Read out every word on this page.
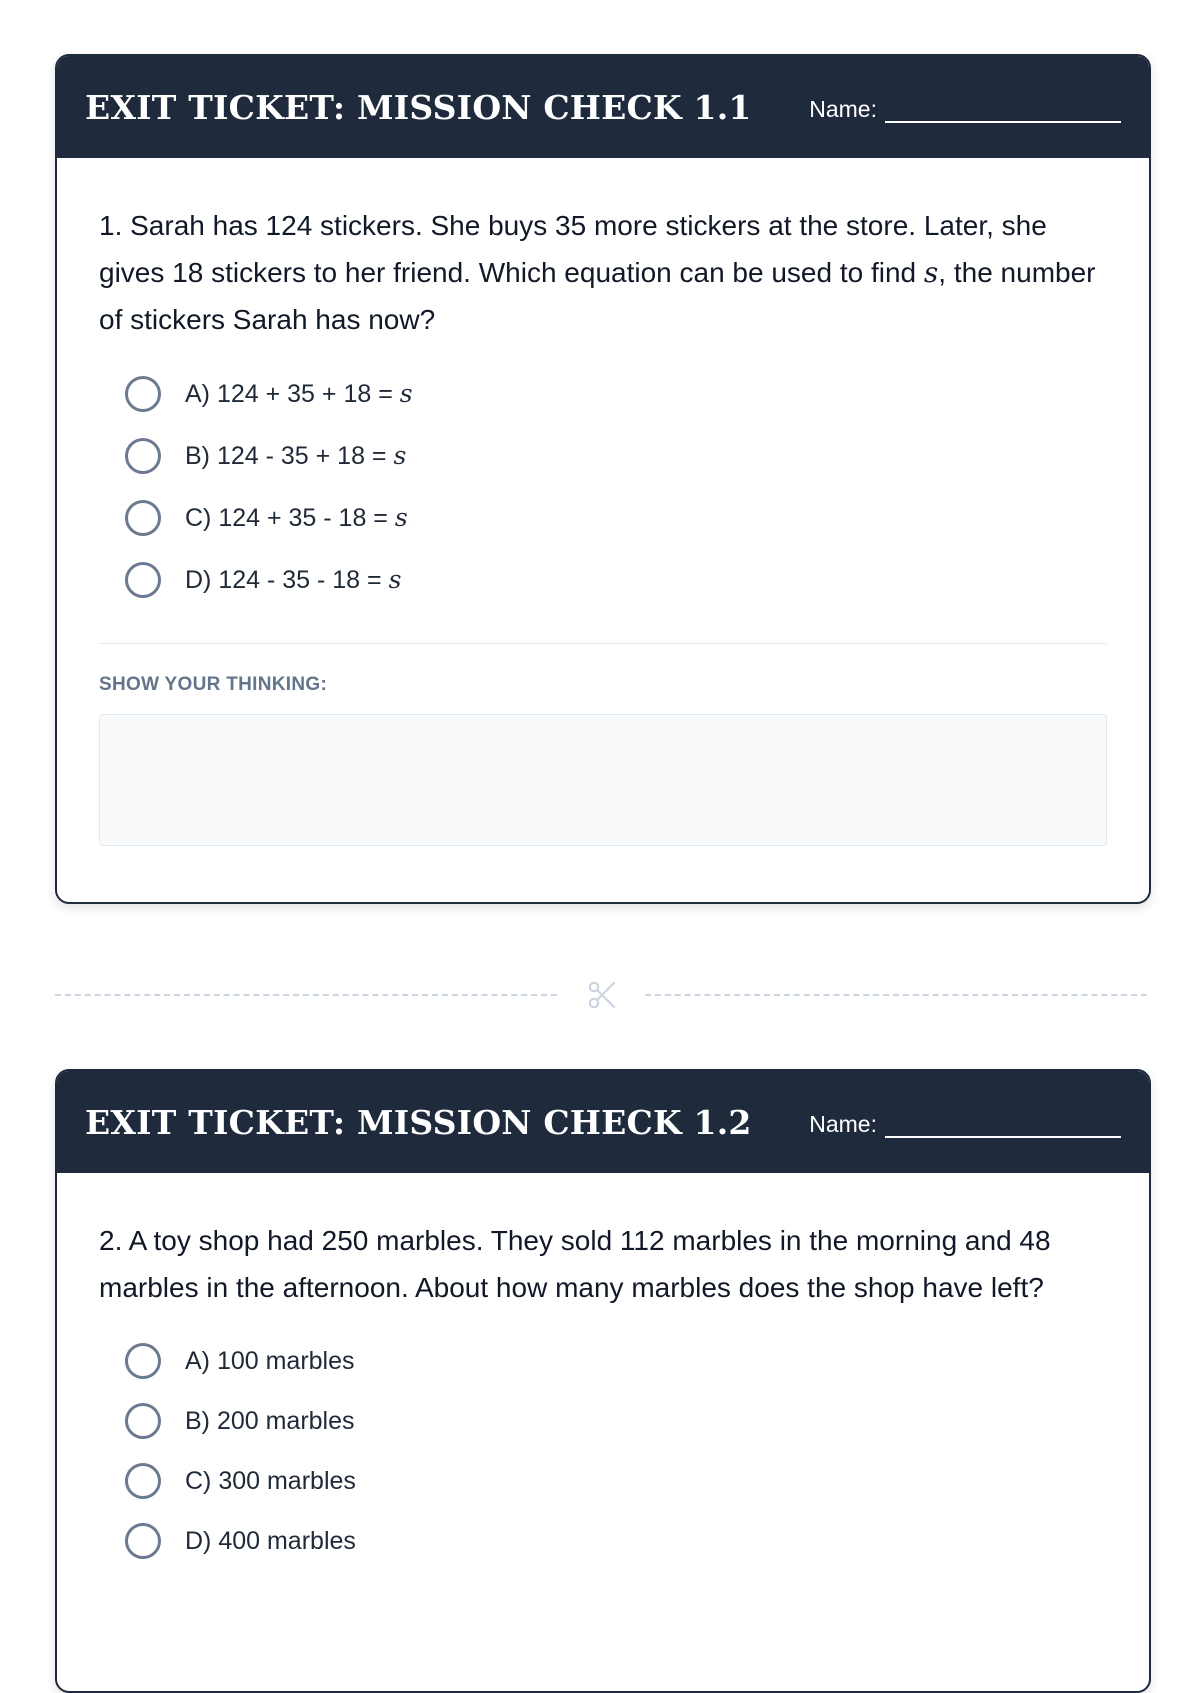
EXIT TICKET: MISSION CHECK 1.1	Name:

1. Sarah has 124 stickers. She buys 35 more stickers at the store. Later, she gives 18 stickers to her friend. Which equation can be used to find s, the number of stickers Sarah has now?

A) 124 + 35 + 18 = s
B) 124 - 35 + 18 = s
C) 124 + 35 - 18 = s
D) 124 - 35 - 18 = s
SHOW YOUR THINKING:
EXIT TICKET: MISSION CHECK 1.2	Name:

2. A toy shop had 250 marbles. They sold 112 marbles in the morning and 48 marbles in the afternoon. About how many marbles does the shop have left?

A) 100 marbles
B) 200 marbles
C) 300 marbles
D) 400 marbles
